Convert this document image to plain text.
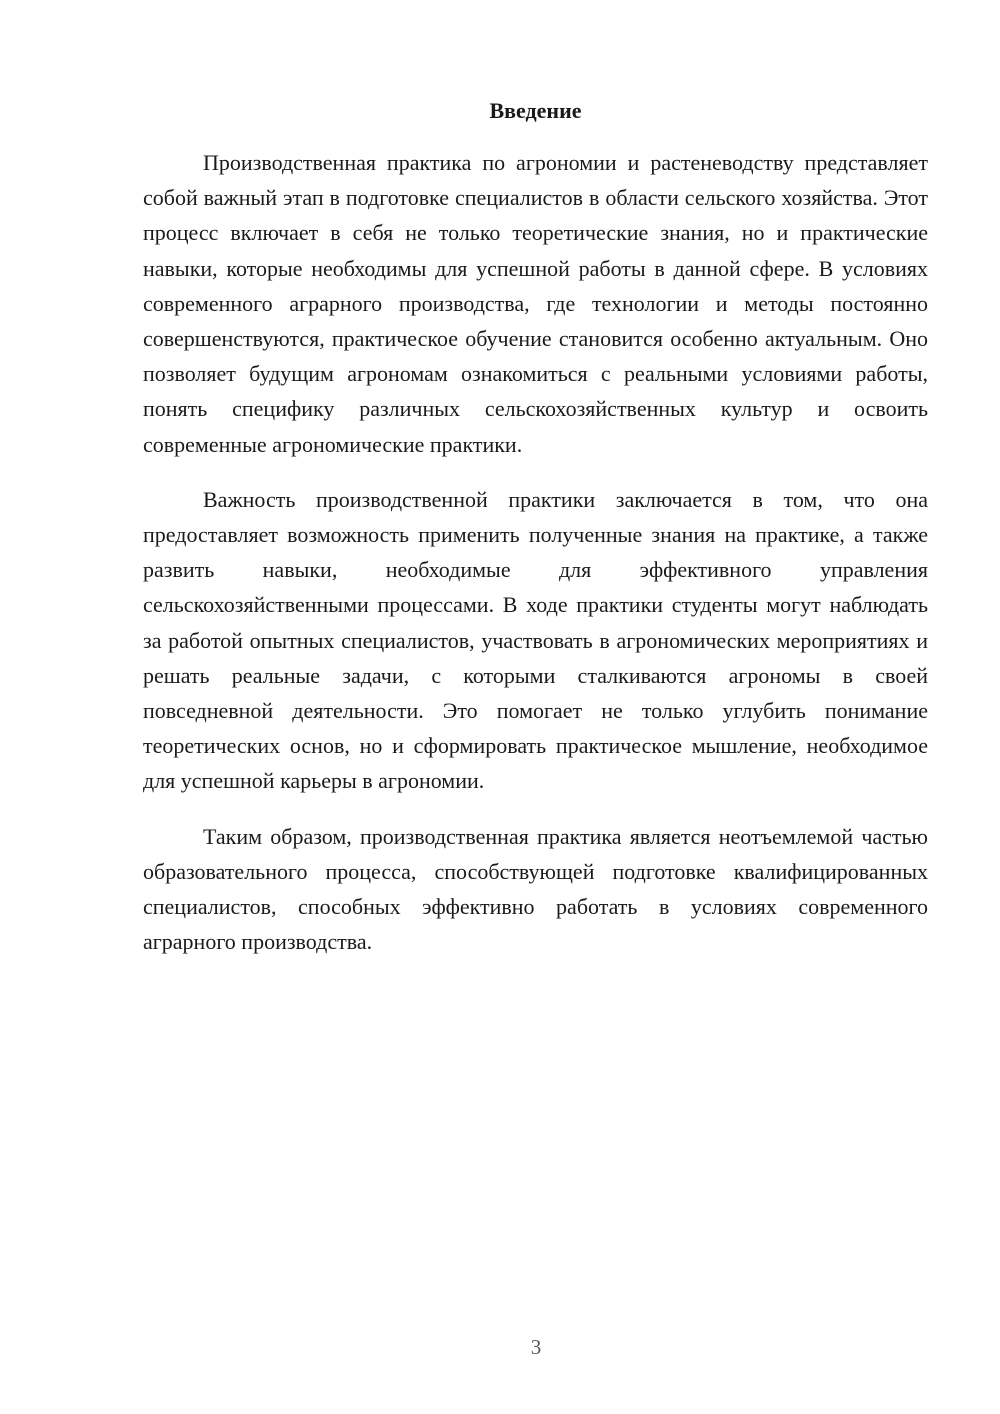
Введение

Производственная практика по агрономии и растеневодству представляет собой важный этап в подготовке специалистов в области сельского хозяйства. Этот процесс включает в себя не только теоретические знания, но и практические навыки, которые необходимы для успешной работы в данной сфере. В условиях современного аграрного производства, где технологии и методы постоянно совершенствуются, практическое обучение становится особенно актуальным. Оно позволяет будущим агрономам ознакомиться с реальными условиями работы, понять специфику различных сельскохозяйственных культур и освоить современные агрономические практики.

Важность производственной практики заключается в том, что она предоставляет возможность применить полученные знания на практике, а также развить навыки, необходимые для эффективного управления сельскохозяйственными процессами. В ходе практики студенты могут наблюдать за работой опытных специалистов, участвовать в агрономических мероприятиях и решать реальные задачи, с которыми сталкиваются агрономы в своей повседневной деятельности. Это помогает не только углубить понимание теоретических основ, но и сформировать практическое мышление, необходимое для успешной карьеры в агрономии.

Таким образом, производственная практика является неотъемлемой частью образовательного процесса, способствующей подготовке квалифицированных специалистов, способных эффективно работать в условиях современного аграрного производства.

3
